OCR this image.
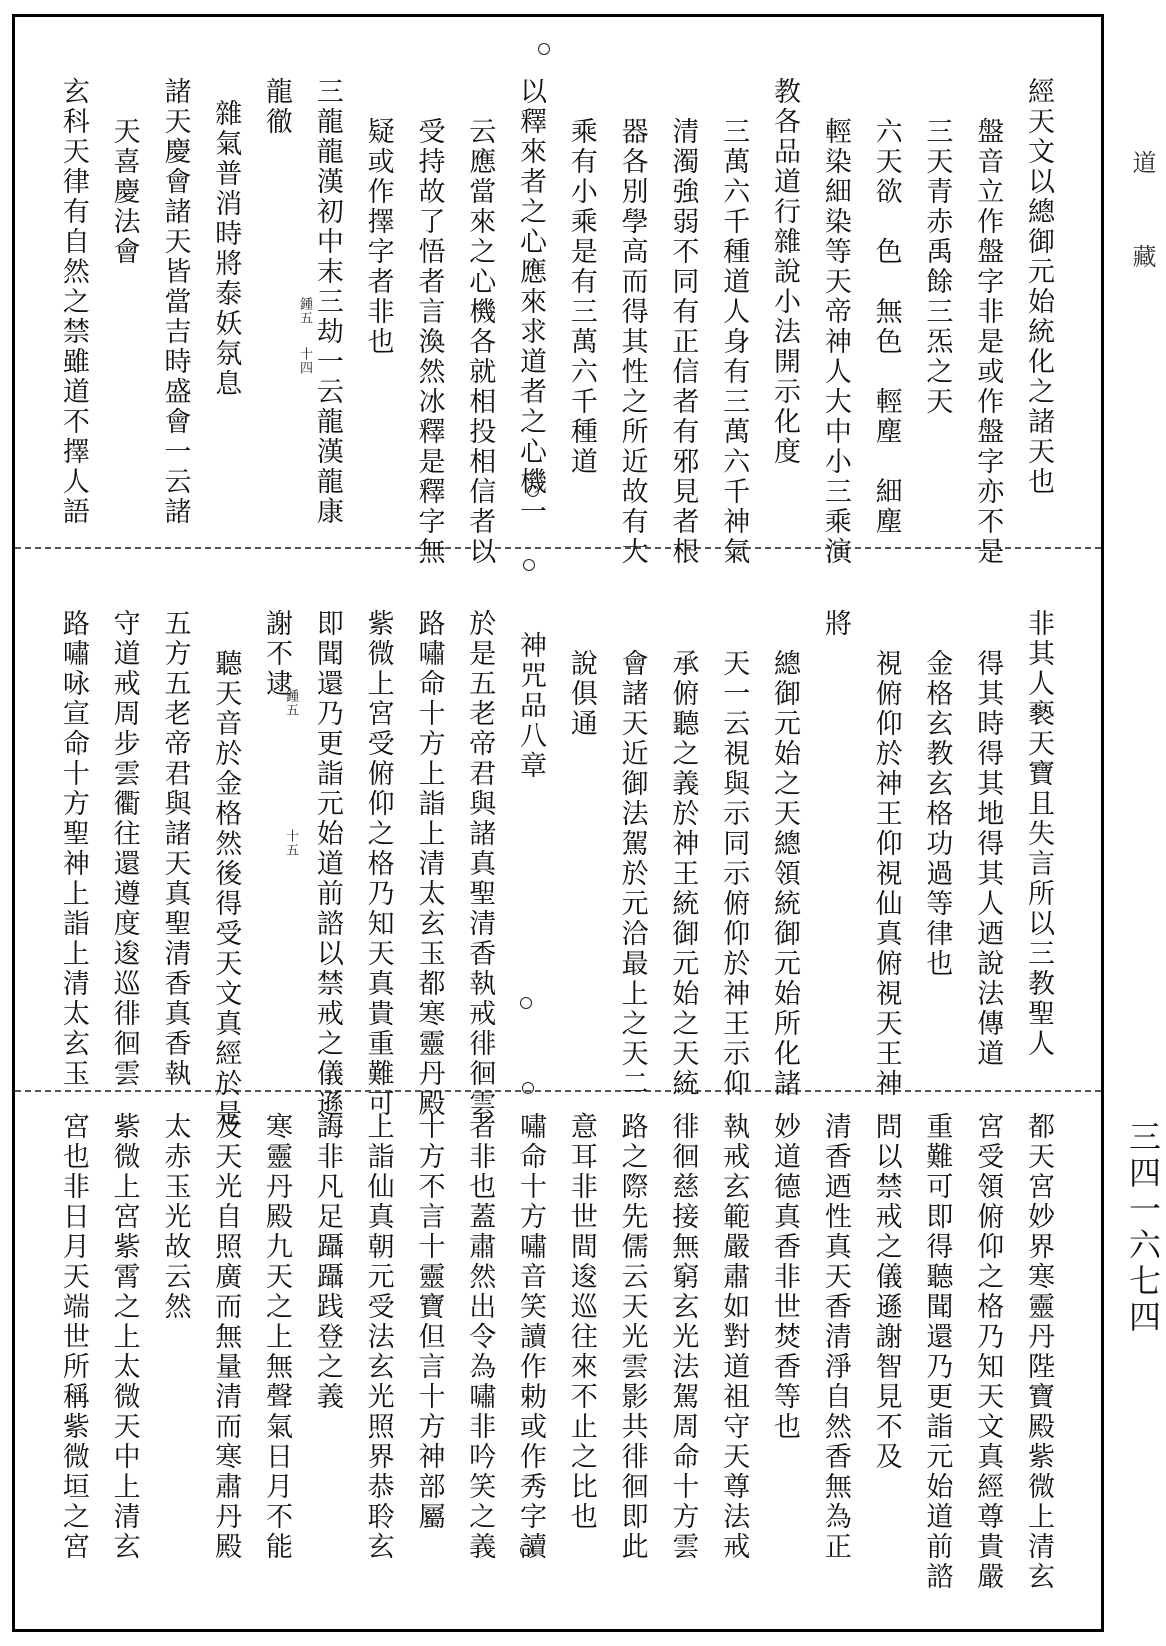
經天文以總御元始統化之諸天也
盤音立作盤字非是或作盤字亦不是
三天青赤禹餘三炁之天
六天欲　色　無色　輕塵　細塵
輕染細染等天帝神人大中小三乘演
教各品道行雜說小法開示化度
三萬六千種道人身有三萬六千神氣
清濁強弱不同有正信者有邪見者根
器各別學高而得其性之所近故有大
乘有小乘是有三萬六千種道
以釋來者之心應來求道者之心機一
云應當來之心機各就相投相信者以
受持故了悟者言渙然冰釋是釋字無
疑或作擇字者非也
三龍龍漢初中末三劫一云龍漢龍康
龍徹
雜氣普消時將泰妖氛息
諸天慶會諸天皆當吉時盛會一云諸
天喜慶法會
玄科天律有自然之禁雖道不擇人語	鍾五
十四
非其人褻天寶且失言所以三教聖人
得其時得其地得其人迺說法傳道
金格玄教玄格功過等律也
視俯仰於神王仰視仙真俯視天王神
將
總御元始之天總領統御元始所化諸
天一云視與示同示俯仰於神王示仰
承俯聽之義於神王統御元始之天統
會諸天近御法駕於元洽最上之天二
說俱通
神咒品八章
於是五老帝君與諸真聖清香執戒徘徊雲
路嘯命十方上詣上清太玄玉都寒靈丹殿
紫微上宮受俯仰之格乃知天真貴重難可
即聞還乃更詣元始道前諮以禁戒之儀遜
謝不逮
聽天音於金格然後得受天文真經於是
五方五老帝君與諸天真聖清香真香執
守道戒周步雲衢往還遵度逡巡徘徊雲
路嘯咏宣命十方聖神上詣上清太玄玉	鍾五
十五
都天宮妙界寒靈丹陛寶殿紫微上清玄
宮受領俯仰之格乃知天文真經尊貴嚴
重難可即得聽聞還乃更詣元始道前諮
問以禁戒之儀遜謝智見不及
清香迺性真天香清淨自然香無為正
妙道德真香非世焚香等也
執戒玄範嚴肅如對道祖守天尊法戒
徘徊慈接無窮玄光法駕周命十方雲
路之際先儒云天光雲影共徘徊即此
意耳非世間逡巡往來不止之比也
嘯命十方嘯音笑讀作勅或作秀字讀
者非也蓋肅然出令為嘯非吟笑之義
十方不言十靈寶但言十方神部屬
上詣仙真朝元受法玄光照界恭聆玄
誨非凡足躡躡践登之義
寒靈丹殿九天之上無聲氣日月不能
及天光自照廣而無量清而寒肅丹殿
太赤玉光故云然
紫微上宮紫霄之上太微天中上清玄
宮也非日月天端世所稱紫微垣之宮
道藏
三四一六七四
